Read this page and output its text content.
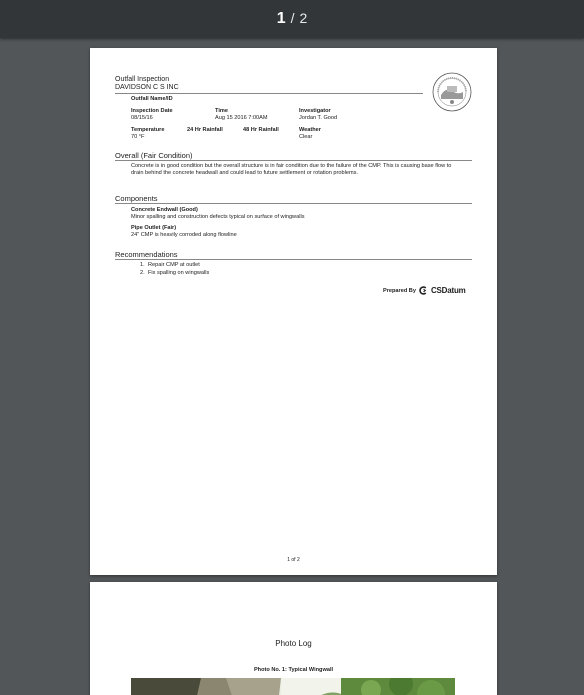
1 / 2
Outfall Inspection
DAVIDSON C S INC
Outfall Name/ID
Inspection Date
08/15/16
Time
Aug 15 2016 7:00AM
Investigator
Jordan T. Good
Temperature
70 °F
24 Hr Rainfall	48 Hr Rainfall	Weather
Clear
Overall (Fair Condition)
Concrete is in good condition but the overall structure is in fair condition due to the failure of the CMP. This is causing base flow to drain behind the concrete headwall and could lead to future settlement or rotation problems.
Components
Concrete Endwall (Good)
Minor spalling and construction defects typical on surface of wingwalls
Pipe Outlet (Fair)
24" CMP is heavily corroded along flowline
Recommendations
1. Repair CMP at outlet
2. Fix spalling on wingwalls
Prepared By CSDatum
1 of 2
Photo Log
Photo No. 1: Typical Wingwall
